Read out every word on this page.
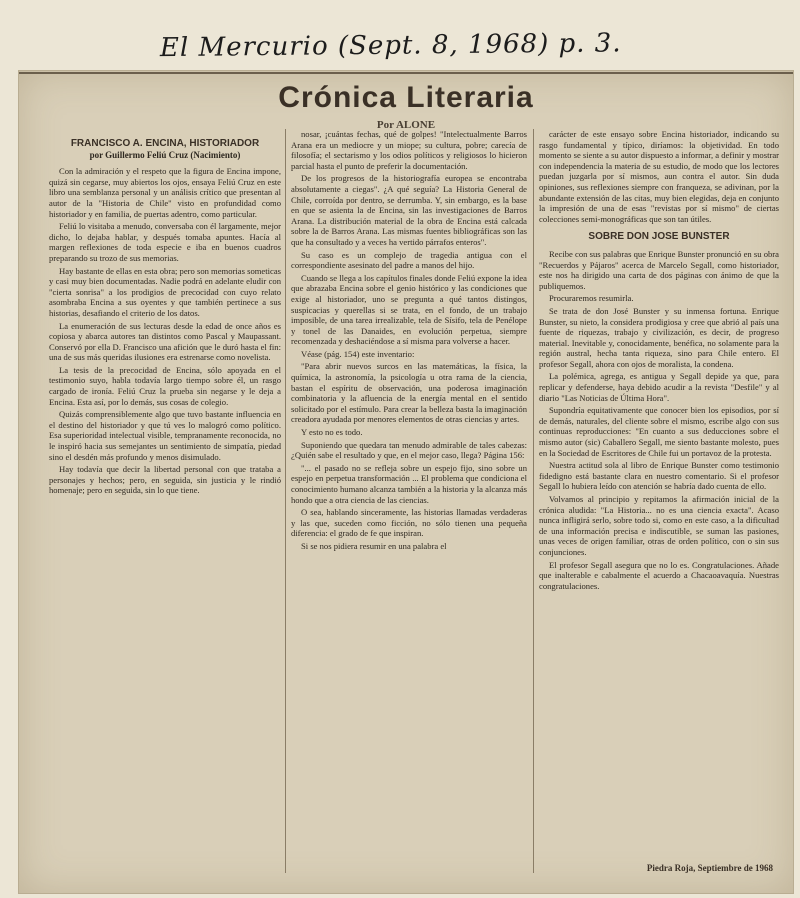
El Mercurio (Sept. 8, 1968) p. 3.
Crónica Literaria
Por ALONE
FRANCISCO A. ENCINA, HISTORIADOR
por Guillermo Feliú Cruz (Nacimiento)

Con la admiración y el respeto que la figura de Encina impone, quizá sin cegarse, muy abiertos los ojos, ensaya Feliú Cruz en este libro una semblanza personal y un análisis crítico que presentan al autor de la "Historia de Chile" visto en profundidad como historiador y en familia, de puertas adentro, como particular.

Feliú lo visitaba a menudo, conversaba con él largamente, mejor dicho, lo dejaba hablar, y después tomaba apuntes. Hacía al margen reflexiones de toda especie e iba en buenos cuadros preparando su trozo de sus memorias.

Hay bastante de ellas en esta obra; pero son memorias someticas y casi muy bien documentadas. Nadie podrá en adelante eludir con "cierta sonrisa" a los prodigios de precocidad con cuyo relato asombraba Encina a sus oyentes y que también pertinece a sus historias, desafiando el criterio de los datos.

La enumeración de sus lecturas desde la edad de once años es copiosa y abarca autores tan distintos como Pascal y Maupassant. Conservó por ella D. Francisco una afición que le duró hasta el fin: una de sus más queridas ilusiones era estrenarse como novelista.

La tesis de la precocidad de Encina, sólo apoyada en el testimonio suyo, habla todavía largo tiempo sobre él, un rasgo cargado de ironía. Feliú Cruz la prueba sin negarse y le deja a Encina. Esta así, por lo demás, sus cosas de colegio.

Quizás comprensiblemente algo que tuvo bastante influencia en el destino del historiador y que tú ves lo malogró como político. Esa superioridad intelectual visible, tempranamente reconocida, no le inspiró hacia sus semejantes un sentimiento de simpatía, piedad sino el desdén más profundo y menos disimulado.

Hay todavía que decir la libertad personal con que trataba a personajes y hechos; pero, en seguida, sin justicia y le rindió homenaje; pero en seguida, sin lo que tiene.

nosar, ¡cuántas fechas, qué de golpes! "Intelectualmente Barros Arana era un mediocre y un miope; su cultura, pobre; carecía de filosofía; el sectarismo y los odios políticos y religiosos lo hicieron parcial hasta el punto de preferir la documentación.

De los progresos de la historiografía europea se encontraba absolutamente a ciegas". ¿A qué seguía? La Historia General de Chile, corroída por dentro, se derrumba. Y, sin embargo, es la base en que se asienta la de Encina, sin las investigaciones de Barros Arana. La distribución material de la obra de Encina está calcada sobre la de Barros Arana. Las mismas fuentes bibliográficas son las que ha consultado y a veces ha vertido párrafos enteros".

Su caso es un complejo de tragedia antigua con el correspondiente asesinato del padre a manos del hijo.

Cuando se llega a los capítulos finales donde Feliú expone la idea que abrazaba Encina sobre el genio histórico y las condiciones que exige al historiador, uno se pregunta a qué tantos distingos, suspicacias y querellas si se trata, en el fondo, de un trabajo imposible, de una tarea irrealizable, tela de Sísifo, tela de Penélope y tonel de las Danaides, en evolución perpetua, siempre recomenzada y deshaciéndose a sí misma para volverse a hacer.

Véase (pág. 154) este inventario:

"Para abrir nuevos surcos en las matemáticas, la física, la química, la astronomía, la psicología u otra rama de la ciencia, bastan el espíritu de observación, una poderosa imaginación combinatoria y la afluencia de la energía mental en el sentido solicitado por el estímulo. Para crear la belleza basta la imaginación creadora ayudada por menores elementos de otras ciencias y artes.

Y esto no es todo.

Suponiendo que quedara tan menudo admirable de tales cabezas: ¿Quién sabe el resultado y que, en el mejor caso, llega? Página 156:

"... el pasado no se refleja sobre un espejo fijo, sino sobre un espejo en perpetua transformación ... El problema que condiciona el conocimiento humano alcanza también a la historia y la alcanza más hondo que a otra ciencia de las ciencias.

O sea, hablando sinceramente, las historias llamadas verdaderas y las que, suceden como ficción, no sólo tienen una pequeña diferencia: el grado de fe que inspiran.

Si se nos pidiera resumir en una palabra el

carácter de este ensayo sobre Encina historiador, indicando su rasgo fundamental y típico, diríamos: la objetividad. En todo momento se siente a su autor dispuesto a informar, a definir y mostrar con independencia la materia de su estudio, de modo que los lectores puedan juzgarla por sí mismos, aun contra el autor. Sin duda opiniones, sus reflexiones siempre con franqueza, se adivinan, por la abundante extensión de las citas, muy bien elegidas, deja en conjunto la impresión de una de esas "revistas por sí mismo" de ciertas colecciones semi-monográficas que son tan útiles.

SOBRE DON JOSE BUNSTER

Recibe con sus palabras que Enrique Bunster pronunció en su obra "Recuerdos y Pájaros" acerca de Marcelo Segall, como historiador, este nos ha dirigido una carta de dos páginas con ánimo de que la publiquemos.

Procuraremos resumirla.

Se trata de don José Bunster y su inmensa fortuna. Enrique Bunster, su nieto, la considera prodigiosa y cree que abrió al país una fuente de riquezas, trabajo y civilización, es decir, de progreso material. Inevitable y, conocidamente, benéfica, no solamente para la región austral, hecha tanta riqueza, sino para Chile entero. El profesor Segall, ahora con ojos de moralista, la condena.

La polémica, agrega, es antigua y Segall depide ya que, para replicar y defenderse, haya debido acudir a la revista "Desfile" y al diario "Las Noticias de Última Hora".

Supondría equitativamente que conocer bien los episodios, por sí de demás, naturales, del cliente sobre el mismo, escribe algo con sus continuas reproducciones: "En cuanto a sus deducciones sobre el mismo autor (sic) Caballero Segall, me siento bastante molesto, pues en la Sociedad de Escritores de Chile fui un portavoz de la protesta.

Nuestra actitud sola al libro de Enrique Bunster como testimonio fidedigno está bastante clara en nuestro comentario. Si el profesor Segall lo hubiera leído con atención se habría dado cuenta de ello.

Volvamos al principio y repitamos la afirmación inicial de la crónica aludida: "La Historia... no es una ciencia exacta". Acaso nunca infligirá serlo, sobre todo si, como en este caso, a la dificultad de una información precisa e indiscutible, se suman las pasiones, unas veces de origen familiar, otras de orden político, con o sin sus conjunciones.

El profesor Segall asegura que no lo es. Congratulaciones. Añade que inalterable e cabalmente el acuerdo a Chacaoavaquía. Nuestras congratulaciones.

Piedra Roja, Septiembre de 1968
